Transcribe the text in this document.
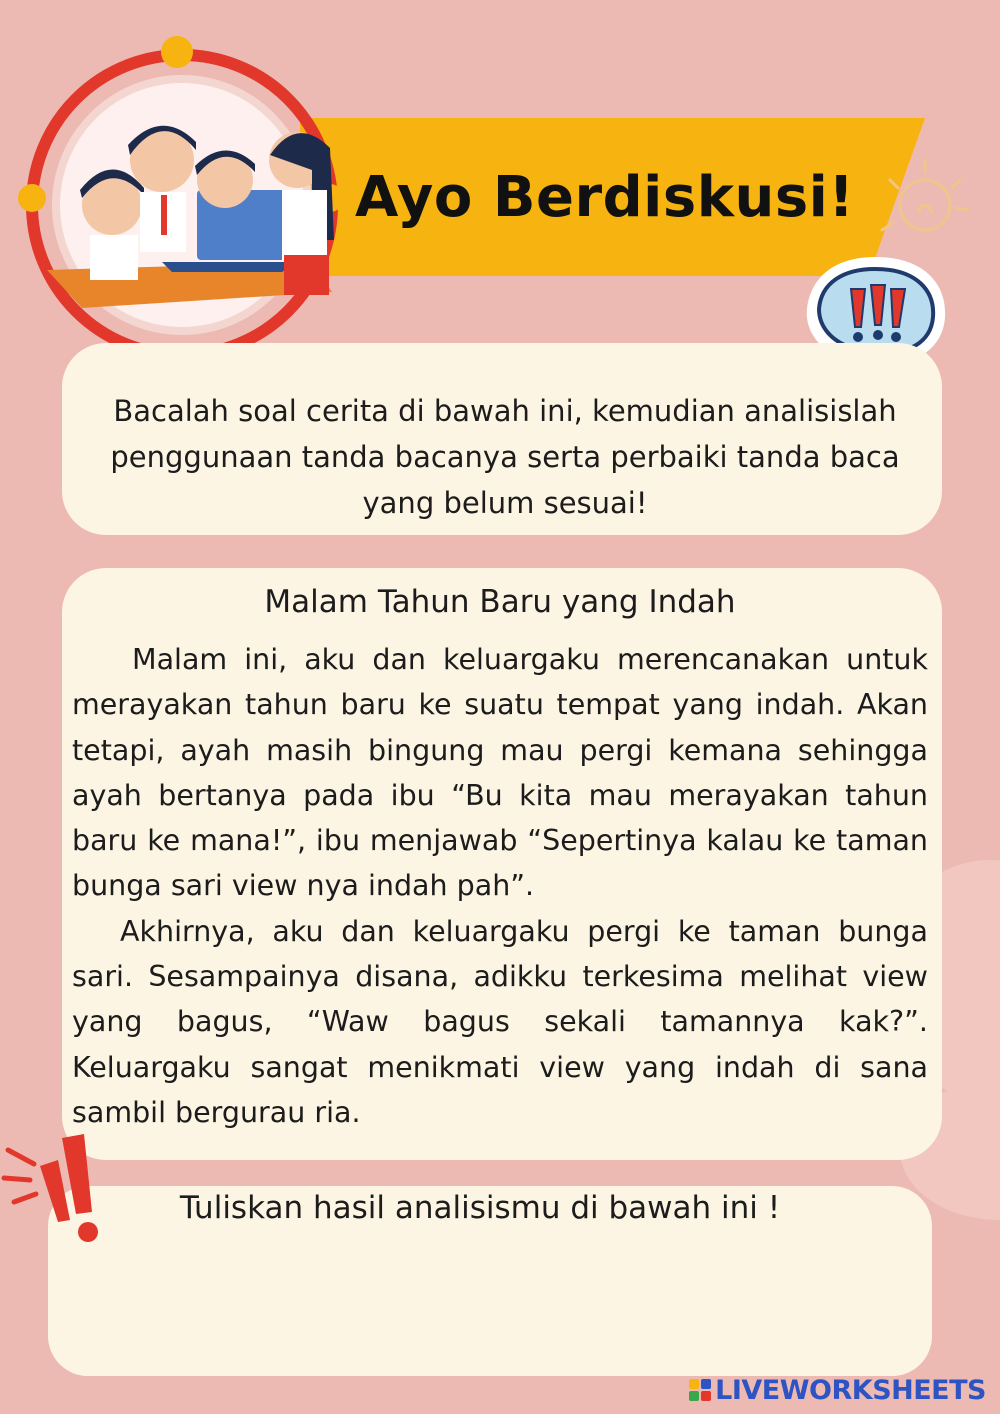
Ayo Berdiskusi!
Bacalah soal cerita di bawah ini, kemudian analisislah penggunaan tanda bacanya serta perbaiki tanda baca yang belum sesuai!
Malam Tahun Baru yang Indah

Malam ini, aku dan keluargaku merencanakan untuk merayakan tahun baru ke suatu tempat yang indah. Akan tetapi, ayah masih bingung mau pergi kemana sehingga ayah bertanya pada ibu “Bu kita mau merayakan tahun baru ke mana!”, ibu menjawab “Sepertinya kalau ke taman bunga sari view nya indah pah”.

Akhirnya, aku dan keluargaku pergi ke taman bunga sari. Sesampainya disana, adikku terkesima melihat view yang bagus, “Waw bagus sekali tamannya kak?”. Keluargaku sangat menikmati view yang indah di sana sambil bergurau ria.

Tuliskan hasil analisismu di bawah ini !
LIVEWORKSHEETS
